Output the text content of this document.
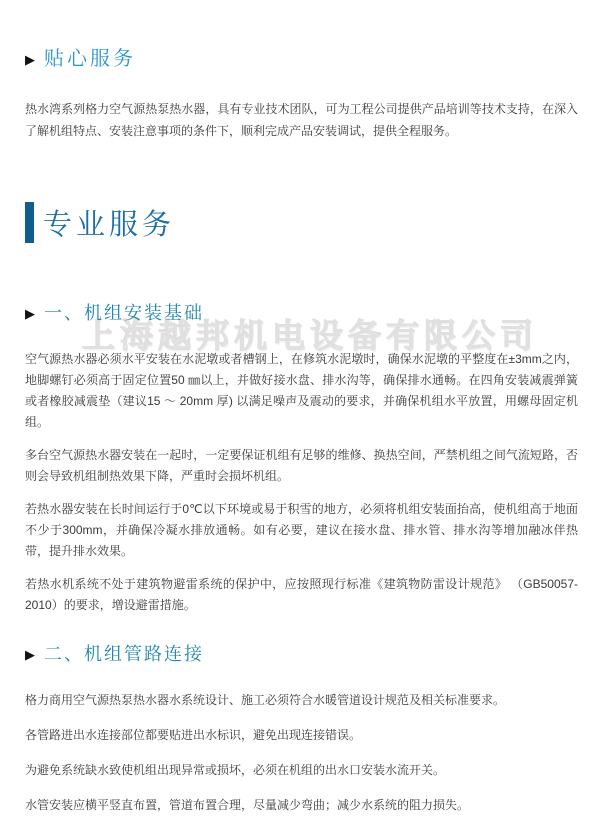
上海越邦机电设备有限公司
▶ 贴心服务

热水湾系列格力空气源热泵热水器，具有专业技术团队，可为工程公司提供产品培训等技术支持，在深入了解机组特点、安装注意事项的条件下，顺利完成产品安装调试，提供全程服务。

专业服务
▶ 一、机组安装基础

空气源热水器必须水平安装在水泥墩或者槽钢上，在修筑水泥墩时，确保水泥墩的平整度在±3mm之内，地脚螺钉必须高于固定位置50 ㎜以上，并做好接水盘、排水沟等，确保排水通畅。在四角安装减震弹簧或者橡胶减震垫（建议15 ～ 20mm 厚) 以满足噪声及震动的要求，并确保机组水平放置，用螺母固定机组。

多台空气源热水器安装在一起时，一定要保证机组有足够的维修、换热空间，严禁机组之间气流短路，否则会导致机组制热效果下降，严重时会损坏机组。

若热水器安装在长时间运行于0℃以下环境或易于积雪的地方，必须将机组安装面抬高，使机组高于地面不少于300mm，并确保冷凝水排放通畅。如有必要，建议在接水盘、排水管、排水沟等增加融冰伴热带，提升排水效果。

若热水机系统不处于建筑物避雷系统的保护中，应按照现行标准《建筑物防雷设计规范》 （GB50057-2010）的要求，增设避雷措施。

▶ 二、机组管路连接

格力商用空气源热泵热水器水系统设计、施工必须符合水暖管道设计规范及相关标准要求。

各管路进出水连接部位都要贴进出水标识，避免出现连接错误。

为避免系统缺水致使机组出现异常或损坏，必须在机组的出水口安装水流开关。

水管安装应横平竖直布置，管道布置合理，尽量减少弯曲；减少水系统的阻力损失。
